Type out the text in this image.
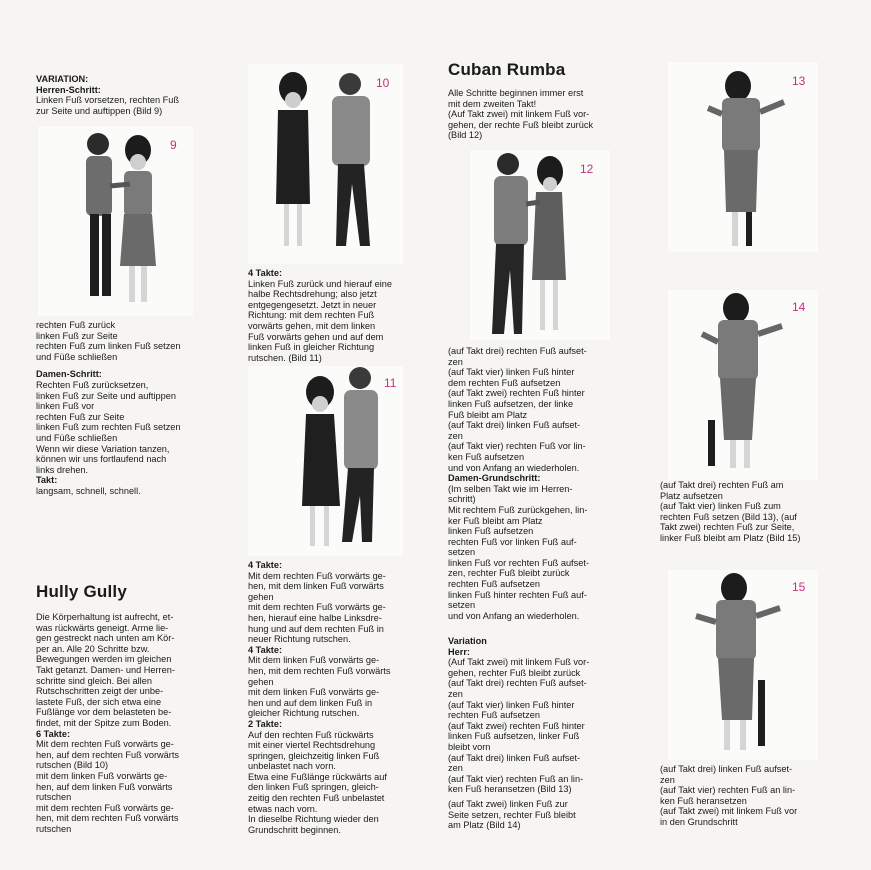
VARIATION:

Herren-Schritt:

Linken Fuß vorsetzen, rechten Fuß
zur Seite und auftippen (Bild 9)

9

rechten Fuß zurück
linken Fuß zur Seite
rechten Fuß zum linken Fuß setzen
und Füße schließen

Damen-Schritt:

Rechten Fuß zurücksetzen,
linken Fuß zur Seite und auftippen
linken Fuß vor
rechten Fuß zur Seite
linken Fuß zum rechten Fuß setzen
und Füße schließen
Wenn wir diese Variation tanzen,
können wir uns fortlaufend nach
links drehen.

Takt:

langsam, schnell, schnell.

Hully Gully

Die Körperhaltung ist aufrecht, et-
was rückwärts geneigt. Arme lie-
gen gestreckt nach unten am Kör-
per an. Alle 20 Schritte bzw.
Bewegungen werden im gleichen
Takt getanzt. Damen- und Herren-
schritte sind gleich. Bei allen
Rutschschritten zeigt der unbe-
lastete Fuß, der sich etwa eine
Fußlänge vor dem belasteten be-
findet, mit der Spitze zum Boden.

6 Takte:

Mit dem rechten Fuß vorwärts ge-
hen, auf dem rechten Fuß vorwärts
rutschen (Bild 10)
mit dem linken Fuß vorwärts ge-
hen, auf dem linken Fuß vorwärts
rutschen
mit dem rechten Fuß vorwärts ge-
hen, mit dem rechten Fuß vorwärts
rutschen

10

4 Takte:

Linken Fuß zurück und hierauf eine
halbe Rechtsdrehung; also jetzt
entgegengesetzt. Jetzt in neuer
Richtung: mit dem rechten Fuß
vorwärts gehen, mit dem linken
Fuß vorwärts gehen und auf dem
linken Fuß in gleicher Richtung
rutschen. (Bild 11)

11

4 Takte:

Mit dem rechten Fuß vorwärts ge-
hen, mit dem linken Fuß vorwärts
gehen
mit dem rechten Fuß vorwärts ge-
hen, hierauf eine halbe Linksdre-
hung und auf dem rechten Fuß in
neuer Richtung rutschen.

4 Takte:

Mit dem linken Fuß vorwärts ge-
hen, mit dem rechten Fuß vorwärts
gehen
mit dem linken Fuß vorwärts ge-
hen und auf dem linken Fuß in
gleicher Richtung rutschen.

2 Takte:

Auf den rechten Fuß rückwärts
mit einer viertel Rechtsdrehung
springen, gleichzeitig linken Fuß
unbelastet nach vorn.
Etwa eine Fußlänge rückwärts auf
den linken Fuß springen, gleich-
zeitig den rechten Fuß unbelastet
etwas nach vorn.
In dieselbe Richtung wieder den
Grundschritt beginnen.

Cuban Rumba

Alle Schritte beginnen immer erst
mit dem zweiten Takt!
(Auf Takt zwei) mit linkem Fuß vor-
gehen, der rechte Fuß bleibt zurück
(Bild 12)

12

(auf Takt drei) rechten Fuß aufset-
zen
(auf Takt vier) linken Fuß hinter
dem rechten Fuß aufsetzen
(auf Takt zwei) rechten Fuß hinter
linken Fuß aufsetzen, der linke
Fuß bleibt am Platz
(auf Takt drei) linken Fuß aufset-
zen
(auf Takt vier) rechten Fuß vor lin-
ken Fuß aufsetzen
und von Anfang an wiederholen.

Damen-Grundschritt:

(Im selben Takt wie im Herren-
schritt)
Mit rechtem Fuß zurückgehen, lin-
ker Fuß bleibt am Platz
linken Fuß aufsetzen
rechten Fuß vor linken Fuß auf-
setzen
linken Fuß vor rechten Fuß aufset-
zen, rechter Fuß bleibt zurück
rechten Fuß aufsetzen
linken Fuß hinter rechten Fuß auf-
setzen
und von Anfang an wiederholen.

Variation

Herr:

(Auf Takt zwei) mit linkem Fuß vor-
gehen, rechter Fuß bleibt zurück
(auf Takt drei) rechten Fuß aufset-
zen
(auf Takt vier) linken Fuß hinter
rechten Fuß aufsetzen
(auf Takt zwei) rechten Fuß hinter
linken Fuß aufsetzen, linker Fuß
bleibt vorn
(auf Takt drei) linken Fuß aufset-
zen
(auf Takt vier) rechten Fuß an lin-
ken Fuß heransetzen (Bild 13)

(auf Takt zwei) linken Fuß zur
Seite setzen, rechter Fuß bleibt
am Platz (Bild 14)

13
14

(auf Takt drei) rechten Fuß am
Platz aufsetzen
(auf Takt vier) linken Fuß zum
rechten Fuß setzen (Bild 13), (auf
Takt zwei) rechten Fuß zur Seite,
linker Fuß bleibt am Platz (Bild 15)

15

(auf Takt drei) linken Fuß aufset-
zen
(auf Takt vier) rechten Fuß an lin-
ken Fuß heransetzen
(auf Takt zwei) mit linkem Fuß vor
in den Grundschritt
